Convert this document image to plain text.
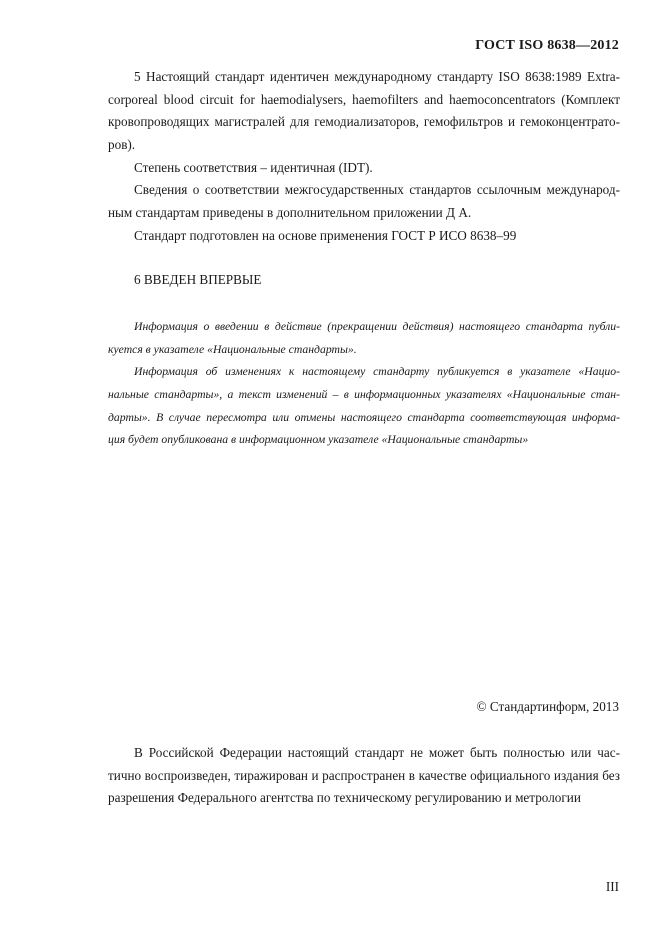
ГОСТ ISO 8638—2012
5 Настоящий стандарт идентичен международному стандарту ISO 8638:1989 Extra-
corporeal blood circuit for haemodialysers, haemofilters and haemoconcentrators (Комплект
кровопроводящих магистралей для гемодиализаторов, гемофильтров и гемоконцентрато-
ров).
Степень соответствия – идентичная (IDT).
Сведения о соответствии межгосударственных стандартов ссылочным международ-
ным стандартам приведены в дополнительном приложении Д А.
Стандарт подготовлен на основе применения ГОСТ Р ИСО 8638–99
6 ВВЕДЕН ВПЕРВЫЕ
Информация о введении в действие (прекращении действия) настоящего стандарта публи-
куется в указателе «Национальные стандарты».
Информация об изменениях к настоящему стандарту публикуется в указателе «Нацио-
нальные стандарты», а текст изменений – в информационных указателях «Национальные стан-
дарты». В случае пересмотра или отмены настоящего стандарта соответствующая информа-
ция будет опубликована в информационном указателе «Национальные стандарты»
© Стандартинформ, 2013
В Российской Федерации настоящий стандарт не может быть полностью или час-
тично воспроизведен, тиражирован и распространен в качестве официального издания без
разрешения Федерального агентства по техническому регулированию и метрологии
III
